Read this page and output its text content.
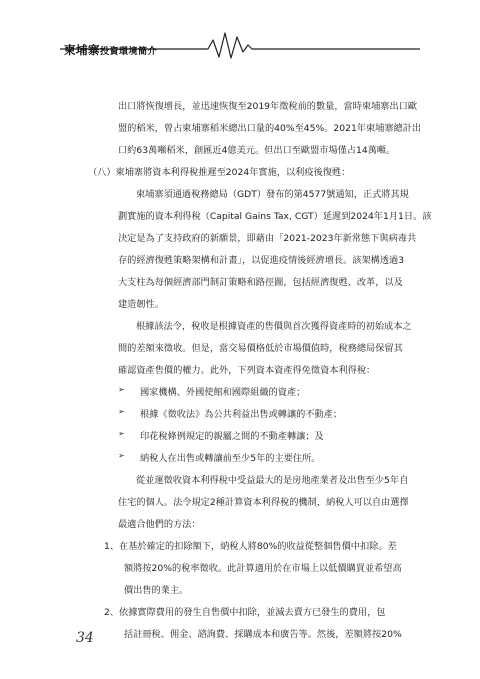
柬埔寨投資環境簡介
出口將恢復增長，並迅速恢復至2019年徵稅前的數量，當時柬埔寨出口歐
盟的稻米，曾占柬埔寨稻米總出口量的40%至45%。2021年柬埔寨總計出
口約63萬噸稻米，創匯近4億美元。但出口至歐盟市場僅占14萬噸。
（八）柬埔寨將資本利得稅推遲至2024年實施，以利疫後復甦：
柬埔寨須通過稅務總局（GDT）發布的第4577號通知，正式將其規
劃實施的資本利得稅（Capital Gains Tax, CGT）延遲到2024年1月1日。該
決定是為了支持政府的新願景，即藉由「2021-2023年新常態下與病毒共
存的經濟復甦策略架構和計畫」，以促進疫情後經濟增長。該架構透過3
大支柱為每個經濟部門制訂策略和路徑圖，包括經濟復甦、改革，以及
建造韌性。
根據該法令，稅收是根據資產的售價與首次獲得資產時的初始成本之
間的差額來徵收。但是，當交易價格低於市場價值時，稅務總局保留其
確認資產售價的權力。此外，下列資本資產得免徵資本利得稅：
➢ 國家機構、外國使館和國際組織的資產；
➢ 根據《徵收法》為公共利益出售或轉讓的不動產；
➢ 印花稅條例規定的親屬之間的不動產轉讓；及
➢ 納稅人在出售或轉讓前至少5年的主要住所。
從並運徵收資本利得稅中受益最大的是房地產業者及出售至少5年自
住宅的個人。法令規定2種計算資本利得稅的機制，納稅人可以自由選擇
最適合他們的方法：
1、在基於確定的扣除額下，納稅人將80%的收益從整個售價中扣除。差
額將按20%的稅率徵收。此計算適用於在市場上以低價購買並希望高
價出售的業主。
2、依據實際費用的發生自售價中扣除，並減去賣方已發生的費用，包
括註冊稅、佣金、諮詢費、採購成本和廣告等。然後，差額將按20%
34
